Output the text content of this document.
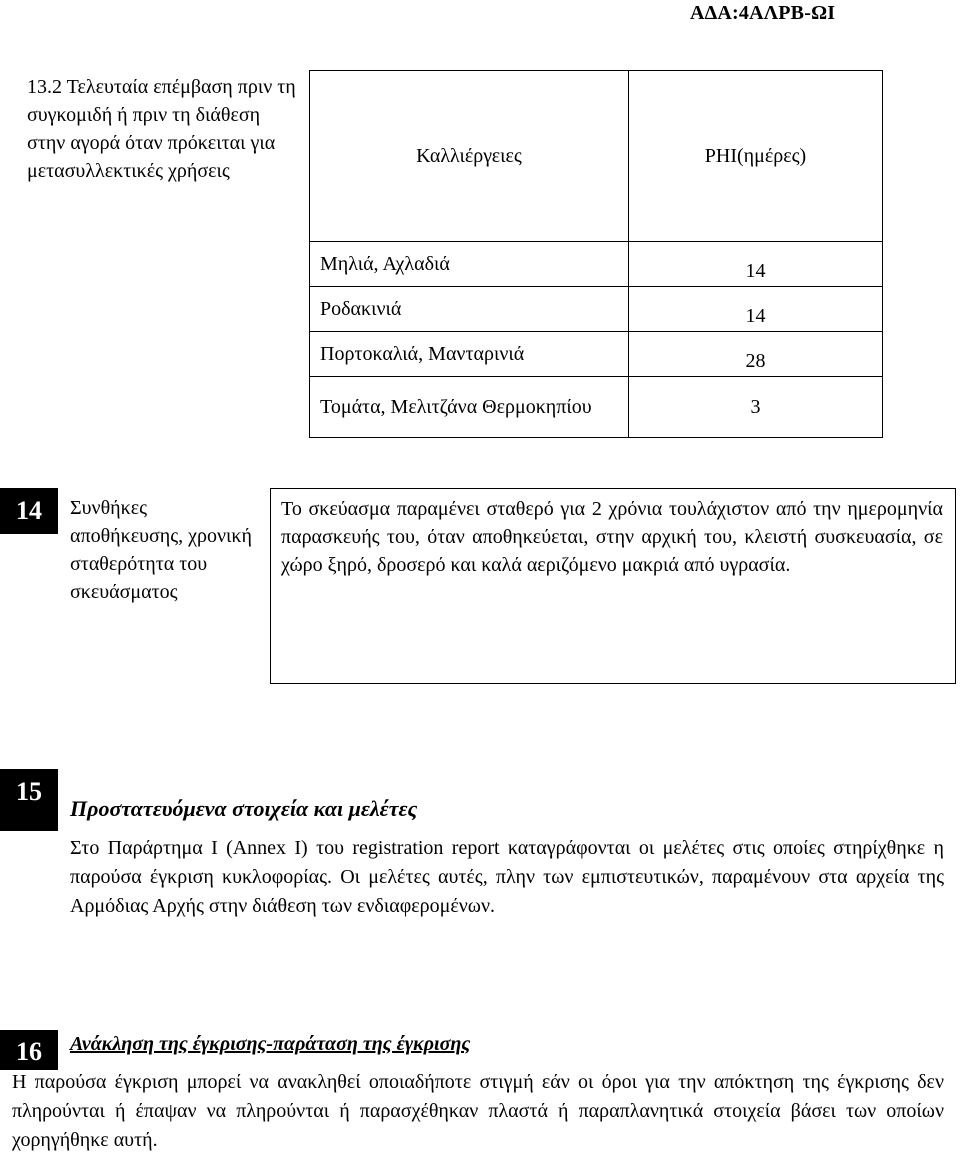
ΑΔΑ:4ΑΛΡΒ-ΩΙ
13.2 Τελευταία επέμβαση πριν τη συγκομιδή ή πριν τη διάθεση στην αγορά όταν πρόκειται για μετασυλλεκτικές χρήσεις
Καλλιέργειες	PHI(ημέρες)
Μηλιά, Αχλαδιά	14
Ροδακινιά	14
Πορτοκαλιά, Μανταρινιά	28
Τομάτα, Μελιτζάνα Θερμοκηπίου	3
14	Συνθήκες αποθήκευσης, χρονική σταθερότητα του σκευάσματος
Το σκεύασμα παραμένει σταθερό για 2 χρόνια τουλάχιστον από την ημερομηνία παρασκευής του, όταν αποθηκεύεται, στην αρχική του, κλειστή συσκευασία, σε χώρο ξηρό, δροσερό και καλά αεριζόμενο μακριά από υγρασία.
15
Προστατευόμενα στοιχεία και μελέτες
Στο Παράρτημα Ι (Annex I) του registration report καταγράφονται οι μελέτες στις οποίες στηρίχθηκε η παρούσα έγκριση κυκλοφορίας. Οι μελέτες αυτές, πλην των εμπιστευτικών, παραμένουν στα αρχεία της Αρμόδιας Αρχής στην διάθεση των ενδιαφερομένων.
16	Ανάκληση της έγκρισης-παράταση της έγκρισης
Η παρούσα έγκριση μπορεί να ανακληθεί οποιαδήποτε στιγμή εάν οι όροι για την απόκτηση της έγκρισης δεν πληρούνται ή έπαψαν να πληρούνται ή παρασχέθηκαν πλαστά ή παραπλανητικά στοιχεία βάσει των οποίων χορηγήθηκε αυτή.
